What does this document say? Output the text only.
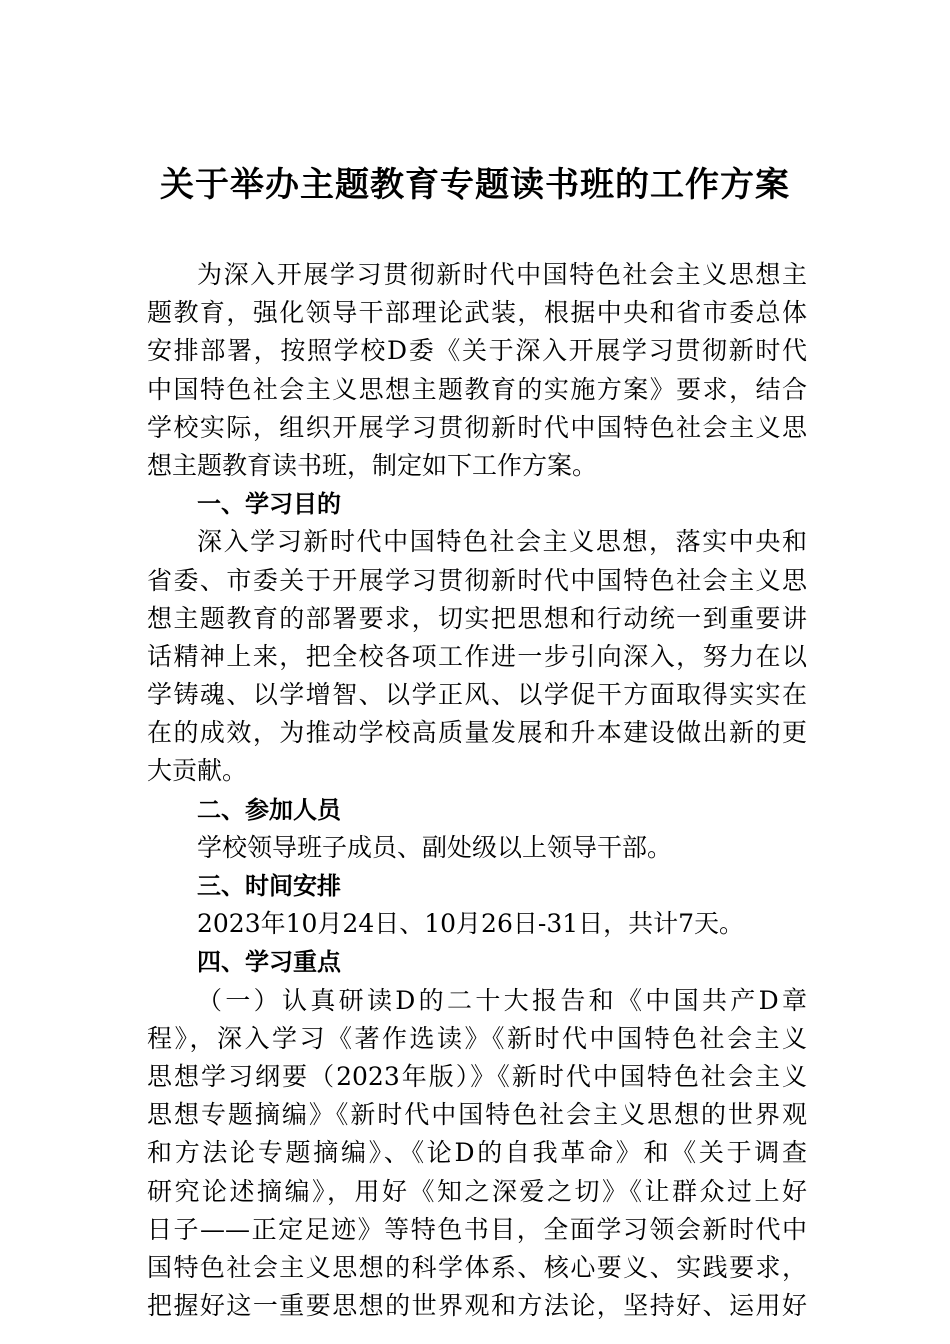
关于举办主题教育专题读书班的工作方案
为深入开展学习贯彻新时代中国特色社会主义思想主
题教育，强化领导干部理论武装，根据中央和省市委总体
安排部署，按照学校D委《关于深入开展学习贯彻新时代
中国特色社会主义思想主题教育的实施方案》要求，结合
学校实际，组织开展学习贯彻新时代中国特色社会主义思
想主题教育读书班，制定如下工作方案。
一、学习目的
深入学习新时代中国特色社会主义思想，落实中央和
省委、市委关于开展学习贯彻新时代中国特色社会主义思
想主题教育的部署要求，切实把思想和行动统一到重要讲
话精神上来，把全校各项工作进一步引向深入，努力在以
学铸魂、以学增智、以学正风、以学促干方面取得实实在
在的成效，为推动学校高质量发展和升本建设做出新的更
大贡献。
二、参加人员
学校领导班子成员、副处级以上领导干部。
三、时间安排
2023年10月24日、10月26日-31日，共计7天。
四、学习重点
（一）认真研读D的二十大报告和《中国共产D章
程》，深入学习《著作选读》《新时代中国特色社会主义
思想学习纲要（2023年版）》《新时代中国特色社会主义
思想专题摘编》《新时代中国特色社会主义思想的世界观
和方法论专题摘编》、《论D的自我革命》和《关于调查
研究论述摘编》，用好《知之深爱之切》《让群众过上好
日子——正定足迹》等特色书目，全面学习领会新时代中
国特色社会主义思想的科学体系、核心要义、实践要求，
把握好这一重要思想的世界观和方法论，坚持好、运用好
